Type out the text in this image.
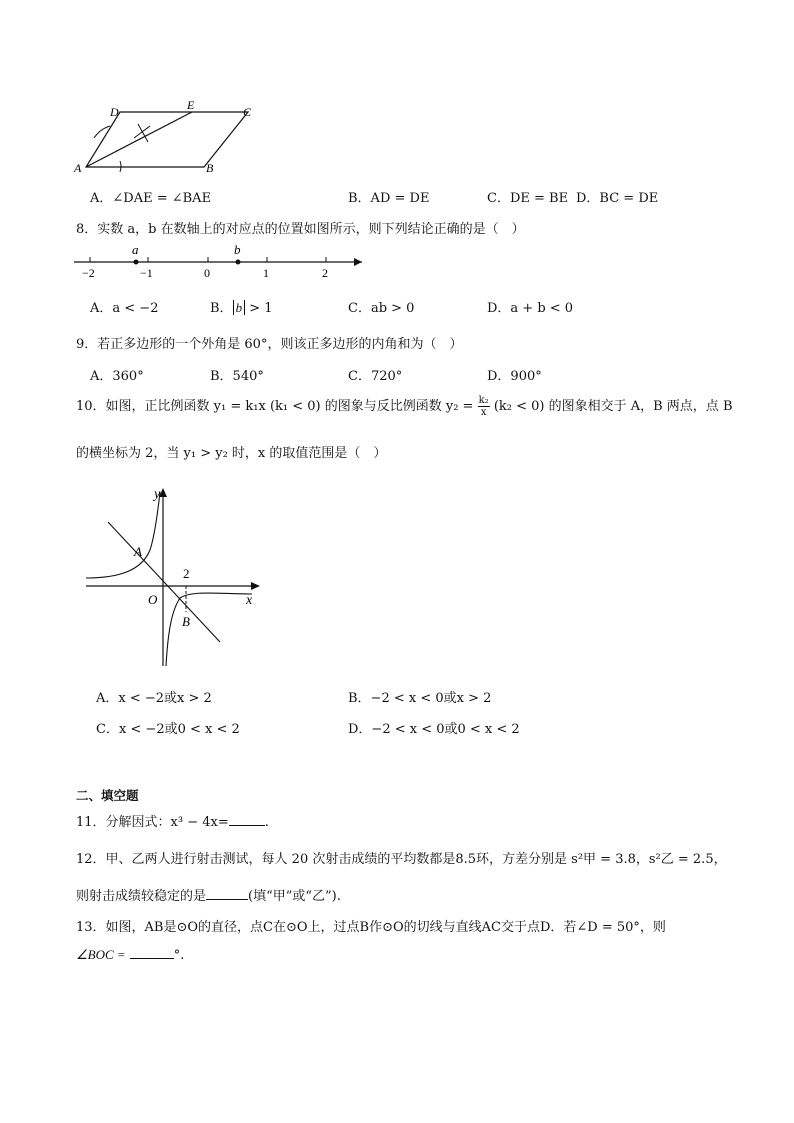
D	E	C
A	B
A．∠DAE = ∠BAE	B．AD = DE	C．DE = BE D．BC = DE
8．实数 a，b 在数轴上的对应点的位置如图所示，则下列结论正确的是（　）
a	b
−2	−1	0	1	2
A．a < −2	B． b > 1	C．ab > 0	D．a + b < 0
9．若正多边形的一个外角是 60°，则该正多边形的内角和为（　）
A．360°	B．540°	C．720°	D．900°
10．如图，正比例函数 y₁ = k₁x (k₁ < 0) 的图象与反比例函数 $y_2 = \frac{\text{k₂}}{x} (k_2 < 0)$ 的图象相交于 A，B 两点，点 B
的横坐标为 2，当 y₁ > y₂ 时，x 的取值范围是（　）
y
x
O
A
B
2
A．x < −2或x > 2	B．−2 < x < 0或x > 2
C．x < −2或0 < x < 2	D．−2 < x < 0或0 < x < 2
二、填空题
11．分解因式：x³ − 4x=	.
12．甲、乙两人进行射击测试，每人 20 次射击成绩的平均数都是8.5环，方差分别是 s²甲 = 3.8，s²乙 = 2.5，
则射击成绩较稳定的是	(填“甲”或“乙”).
13．如图，AB是⊙O的直径，点C在⊙O上，过点B作⊙O的切线与直线AC交于点D．若∠D = 50°，则
∠BOC =	°.
